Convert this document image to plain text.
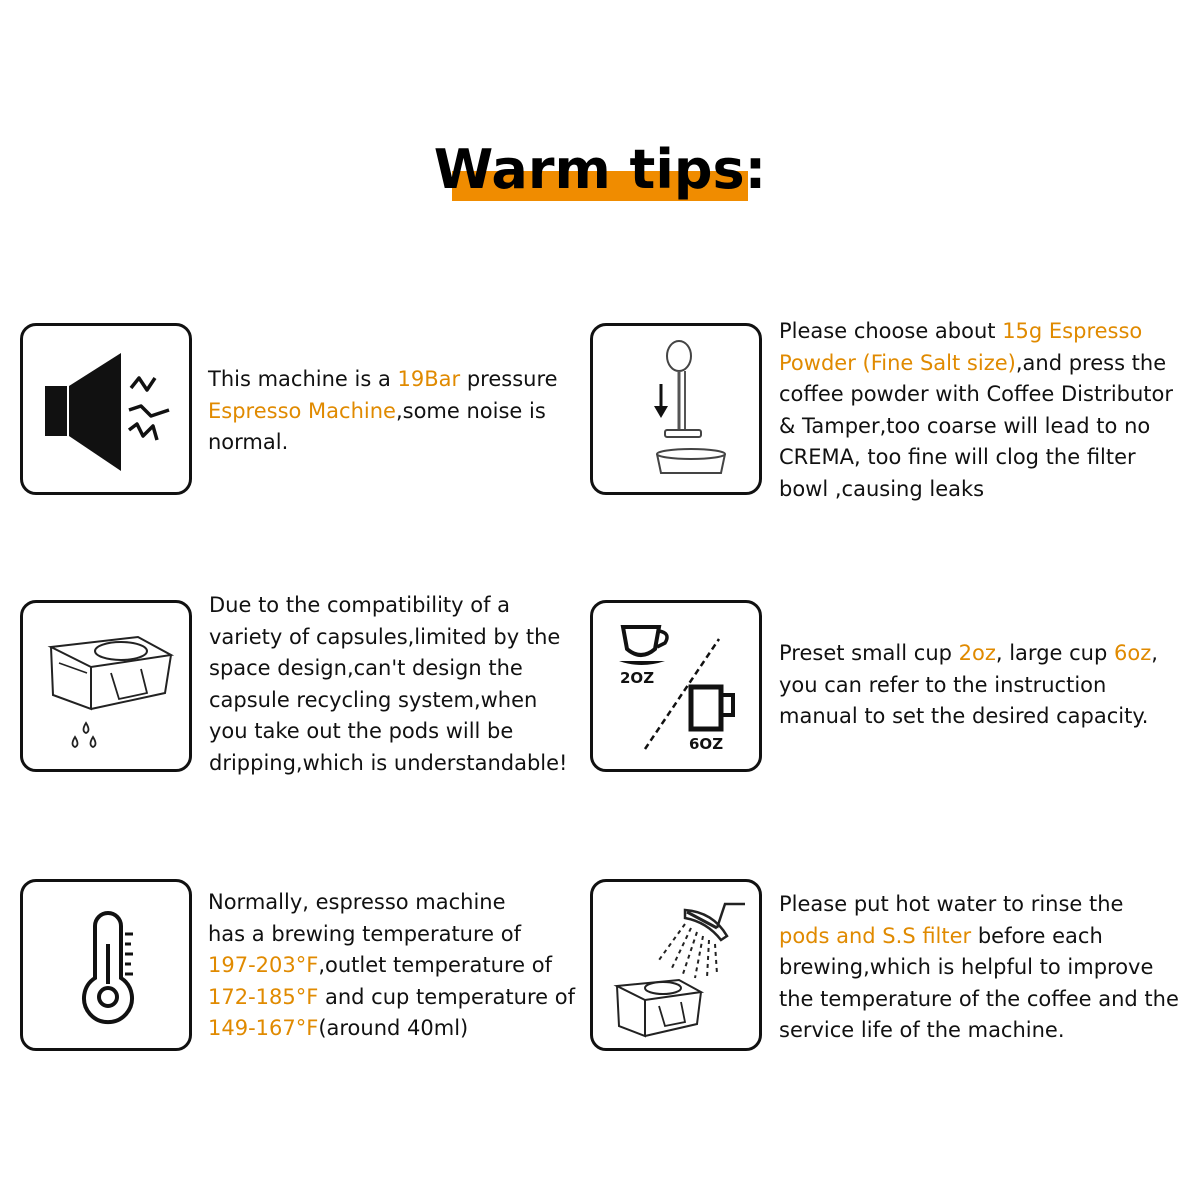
Warm tips:
This machine is a 19Bar pressure
Espresso Machine,some noise is
normal.
Please choose about 15g Espresso
Powder (Fine Salt size),and press the
coffee powder with Coffee Distributor
& Tamper,too coarse will lead to no
CREMA, too fine will clog the filter
bowl ,causing leaks
Due to the compatibility of a
variety of capsules,limited by the
space design,can't design the
capsule recycling system,when
you take out the pods will be
dripping,which is understandable!
2OZ
6OZ
Preset small cup 2oz, large cup 6oz,
you can refer to the instruction
manual to set the desired capacity.
Normally, espresso machine
has a brewing temperature of
197-203°F,outlet temperature of
172-185°F and cup temperature of
149-167°F(around 40ml)
Please put hot water to rinse the
pods and S.S filter before each
brewing,which is helpful to improve
the temperature of the coffee and the
service life of the machine.
